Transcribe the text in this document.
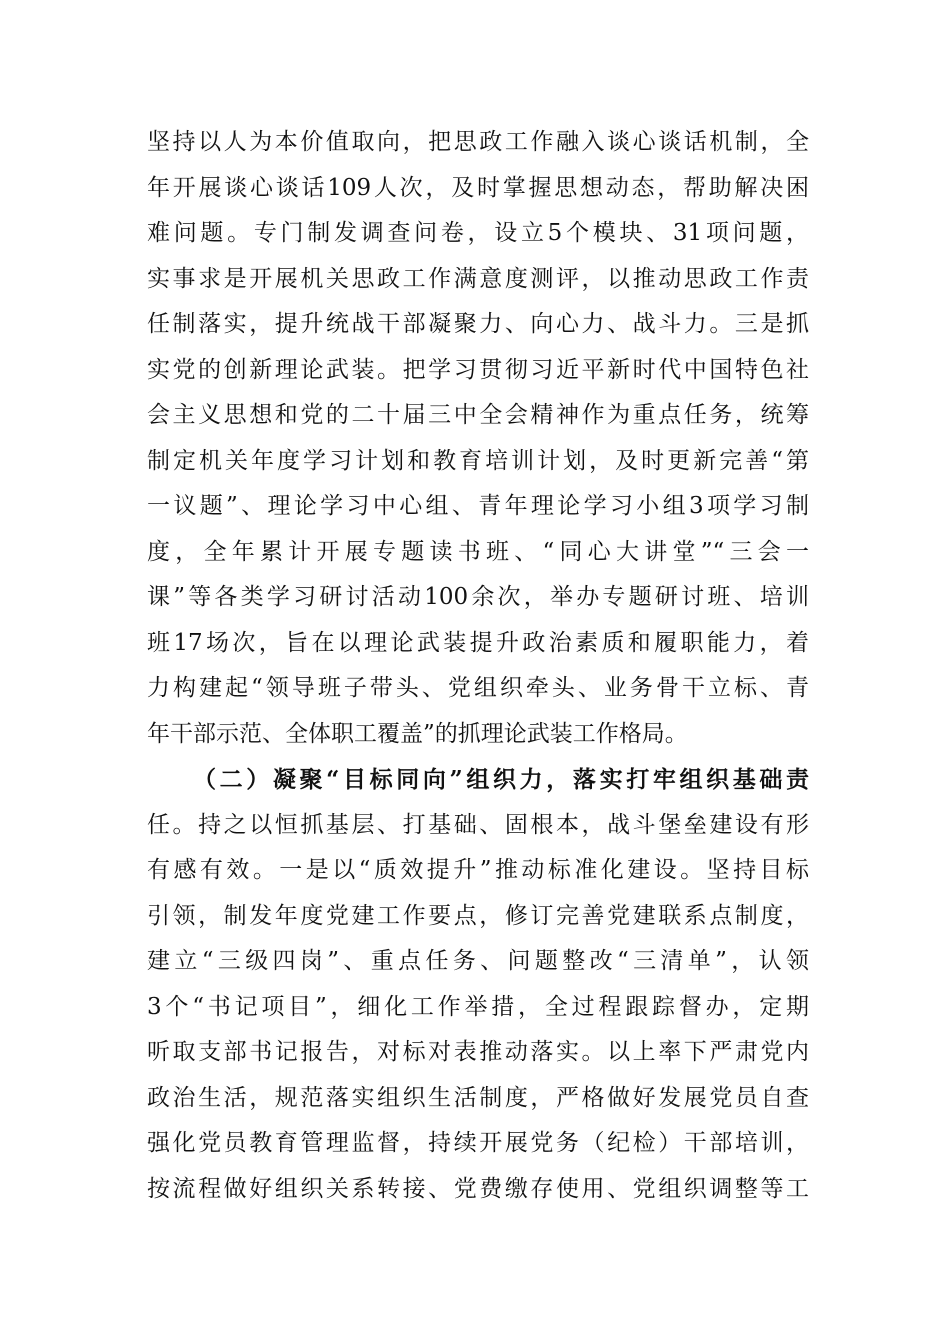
坚持以人为本价值取向，把思政工作融入谈心谈话机制，全
年开展谈心谈话109人次，及时掌握思想动态，帮助解决困
难问题。专门制发调查问卷，设立5个模块、31项问题，
实事求是开展机关思政工作满意度测评，以推动思政工作责
任制落实，提升统战干部凝聚力、向心力、战斗力。三是抓
实党的创新理论武装。把学习贯彻习近平新时代中国特色社
会主义思想和党的二十届三中全会精神作为重点任务，统筹
制定机关年度学习计划和教育培训计划，及时更新完善“第
一议题”、理论学习中心组、青年理论学习小组3项学习制
度，全年累计开展专题读书班、“同心大讲堂”“三会一
课”等各类学习研讨活动100余次，举办专题研讨班、培训
班17场次，旨在以理论武装提升政治素质和履职能力，着
力构建起“领导班子带头、党组织牵头、业务骨干立标、青
年干部示范、全体职工覆盖”的抓理论武装工作格局。
（二）凝聚“目标同向”组织力，落实打牢组织基础责
任。持之以恒抓基层、打基础、固根本，战斗堡垒建设有形
有感有效。一是以“质效提升”推动标准化建设。坚持目标
引领，制发年度党建工作要点，修订完善党建联系点制度，
建立“三级四岗”、重点任务、问题整改“三清单”，认领
3个“书记项目”，细化工作举措，全过程跟踪督办，定期
听取支部书记报告，对标对表推动落实。以上率下严肃党内
政治生活，规范落实组织生活制度，严格做好发展党员自查
强化党员教育管理监督，持续开展党务（纪检）干部培训，
按流程做好组织关系转接、党费缴存使用、党组织调整等工
